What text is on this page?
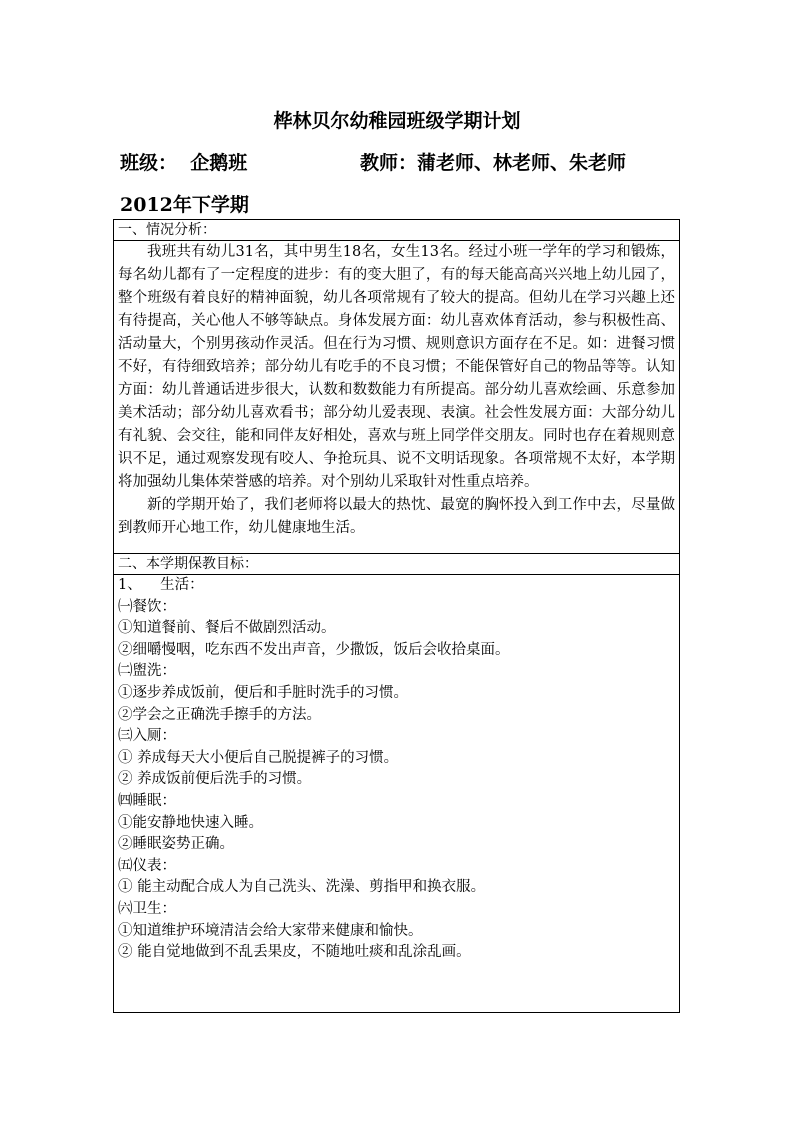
桦林贝尔幼稚园班级学期计划
班级：  企鹅班	教师：蒲老师、林老师、朱老师
2012年下学期
一、情况分析：

我班共有幼儿31名，其中男生18名，女生13名。经过小班一学年的学习和锻炼，每名幼儿都有了一定程度的进步：有的变大胆了，有的每天能高高兴兴地上幼儿园了，整个班级有着良好的精神面貌，幼儿各项常规有了较大的提高。但幼儿在学习兴趣上还有待提高，关心他人不够等缺点。身体发展方面：幼儿喜欢体育活动，参与积极性高、活动量大，个别男孩动作灵活。但在行为习惯、规则意识方面存在不足。如：进餐习惯不好，有待细致培养；部分幼儿有吃手的不良习惯；不能保管好自己的物品等等。认知方面：幼儿普通话进步很大，认数和数数能力有所提高。部分幼儿喜欢绘画、乐意参加美术活动；部分幼儿喜欢看书；部分幼儿爱表现、表演。社会性发展方面：大部分幼儿有礼貌、会交往，能和同伴友好相处，喜欢与班上同学伴交朋友。同时也存在着规则意识不足，通过观察发现有咬人、争抢玩具、说不文明话现象。各项常规不太好，本学期将加强幼儿集体荣誉感的培养。对个别幼儿采取针对性重点培养。

新的学期开始了，我们老师将以最大的热忱、最宽的胸怀投入到工作中去，尽量做到教师开心地工作，幼儿健康地生活。

二、本学期保教目标：
1、    生活：
㈠餐饮：
①知道餐前、餐后不做剧烈活动。
②细嚼慢咽，吃东西不发出声音，少撒饭，饭后会收拾桌面。
㈡盥洗：
①逐步养成饭前，便后和手脏时洗手的习惯。
②学会之正确洗手擦手的方法。
㈢入厕：
① 养成每天大小便后自己脱提裤子的习惯。
② 养成饭前便后洗手的习惯。
㈣睡眠：
①能安静地快速入睡。
②睡眠姿势正确。
㈤仪表：
① 能主动配合成人为自己洗头、洗澡、剪指甲和换衣服。
㈥卫生：
①知道维护环境清洁会给大家带来健康和愉快。
② 能自觉地做到不乱丢果皮，不随地吐痰和乱涂乱画。
